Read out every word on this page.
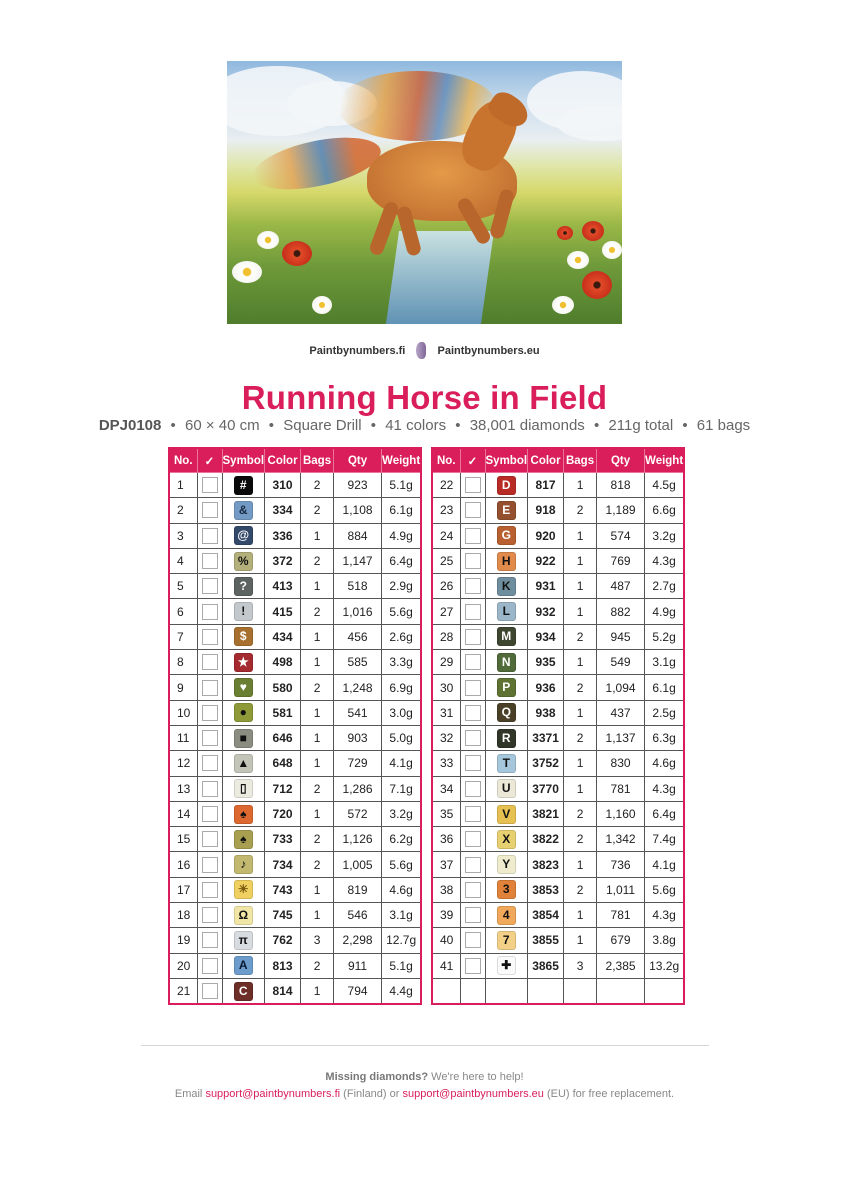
Paintbynumbers.fi	Paintbynumbers.eu
Running Horse in Field
DPJ0108 • 60 × 40 cm • Square Drill • 41 colors • 38,001 diamonds • 211g total • 61 bags
No.	✓	Symbol	Color	Bags	Qty	Weight
1		#	310	2	923	5.1g
2		&	334	2	1,108	6.1g
3		@	336	1	884	4.9g
4		%	372	2	1,147	6.4g
5		?	413	1	518	2.9g
6		!	415	2	1,016	5.6g
7		$	434	1	456	2.6g
8		★	498	1	585	3.3g
9		♥	580	2	1,248	6.9g
10		●	581	1	541	3.0g
11		■	646	1	903	5.0g
12		▲	648	1	729	4.1g
13		▯	712	2	1,286	7.1g
14		♠	720	1	572	3.2g
15		♠	733	2	1,126	6.2g
16		♪	734	2	1,005	5.6g
17		☀	743	1	819	4.6g
18		Ω	745	1	546	3.1g
19		π	762	3	2,298	12.7g
20		A	813	2	911	5.1g
21		C	814	1	794	4.4g
No.	✓	Symbol	Color	Bags	Qty	Weight
22		D	817	1	818	4.5g
23		E	918	2	1,189	6.6g
24		G	920	1	574	3.2g
25		H	922	1	769	4.3g
26		K	931	1	487	2.7g
27		L	932	1	882	4.9g
28		M	934	2	945	5.2g
29		N	935	1	549	3.1g
30		P	936	2	1,094	6.1g
31		Q	938	1	437	2.5g
32		R	3371	2	1,137	6.3g
33		T	3752	1	830	4.6g
34		U	3770	1	781	4.3g
35		V	3821	2	1,160	6.4g
36		X	3822	2	1,342	7.4g
37		Y	3823	1	736	4.1g
38		3	3853	2	1,011	5.6g
39		4	3854	1	781	4.3g
40		7	3855	1	679	3.8g
41		✚	3865	3	2,385	13.2g

Missing diamonds? We're here to help!
Email support@paintbynumbers.fi (Finland) or support@paintbynumbers.eu (EU) for free replacement.
